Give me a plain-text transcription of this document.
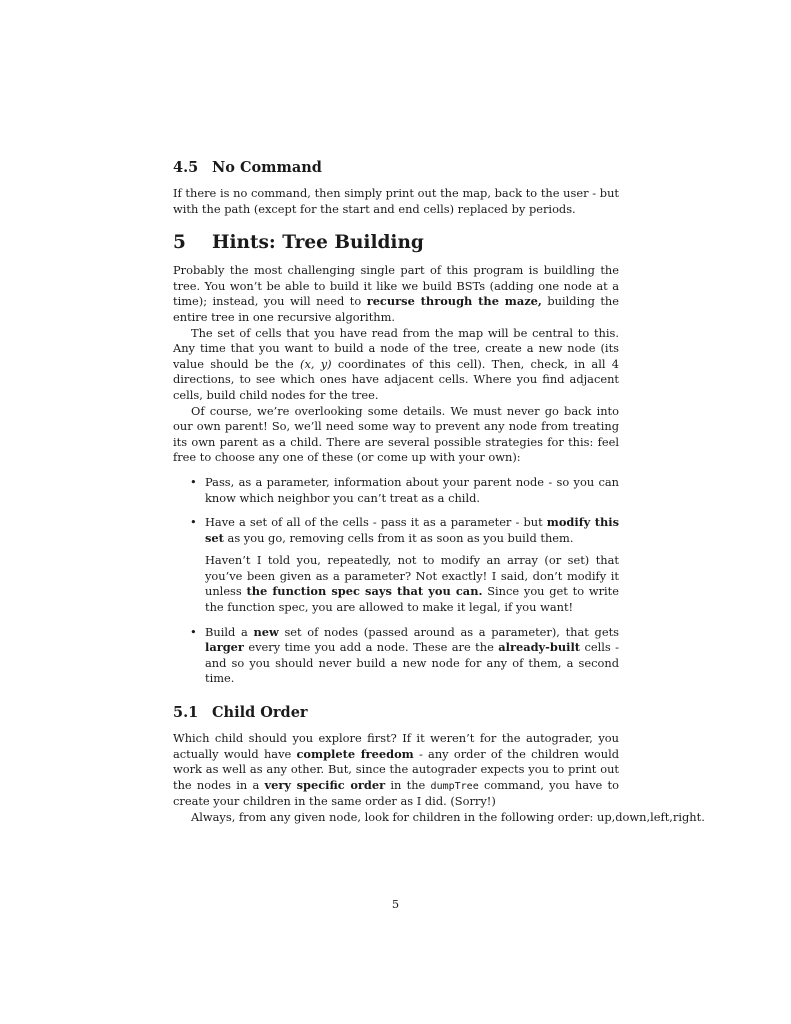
4.5 No Command

If there is no command, then simply print out the map, back to the user - but with the path (except for the start and end cells) replaced by periods.

5 Hints: Tree Building

Probably the most challenging single part of this program is buildling the tree. You won’t be able to build it like we build BSTs (adding one node at a time); instead, you will need to recurse through the maze, building the entire tree in one recursive algorithm.

The set of cells that you have read from the map will be central to this. Any time that you want to build a node of the tree, create a new node (its value should be the (x, y) coordinates of this cell). Then, check, in all 4 directions, to see which ones have adjacent cells. Where you find adjacent cells, build child nodes for the tree.

Of course, we’re overlooking some details. We must never go back into our own parent! So, we’ll need some way to prevent any node from treating its own parent as a child. There are several possible strategies for this: feel free to choose any one of these (or come up with your own):

• Pass, as a parameter, information about your parent node - so you can know which neighbor you can’t treat as a child.

• Have a set of all of the cells - pass it as a parameter - but modify this set as you go, removing cells from it as soon as you build them.

Haven’t I told you, repeatedly, not to modify an array (or set) that you’ve been given as a parameter? Not exactly! I said, don’t modify it unless the function spec says that you can. Since you get to write the function spec, you are allowed to make it legal, if you want!

• Build a new set of nodes (passed around as a parameter), that gets larger every time you add a node. These are the already-built cells - and so you should never build a new node for any of them, a second time.

5.1 Child Order

Which child should you explore first? If it weren’t for the autograder, you actually would have complete freedom - any order of the children would work as well as any other. But, since the autograder expects you to print out the nodes in a very specific order in the dumpTree command, you have to create your children in the same order as I did. (Sorry!)

Always, from any given node, look for children in the following order: up,down,left,right.

5
